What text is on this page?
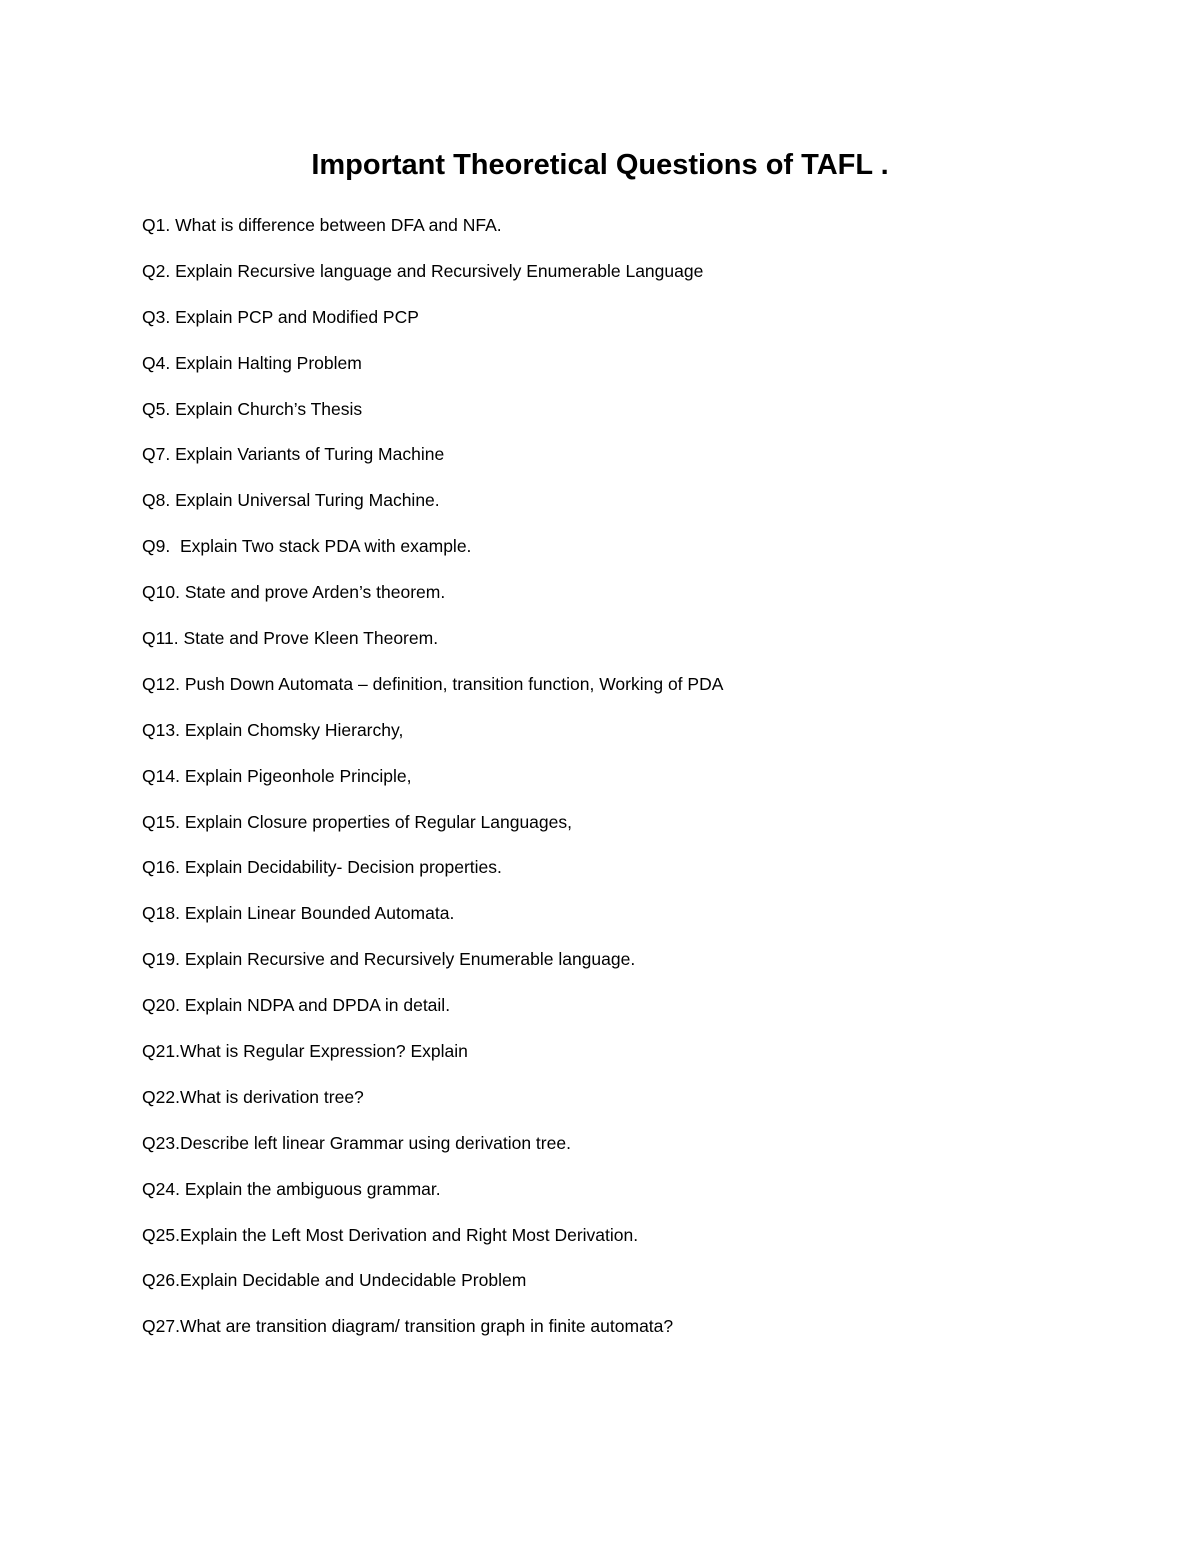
Important Theoretical Questions of TAFL .
Q1. What is difference between DFA and NFA.
Q2. Explain Recursive language and Recursively Enumerable Language
Q3. Explain PCP and Modified PCP
Q4. Explain Halting Problem
Q5. Explain Church’s Thesis
Q7. Explain Variants of Turing Machine
Q8. Explain Universal Turing Machine.
Q9.  Explain Two stack PDA with example.
Q10. State and prove Arden’s theorem.
Q11. State and Prove Kleen Theorem.
Q12. Push Down Automata – definition, transition function, Working of PDA
Q13. Explain Chomsky Hierarchy,
Q14. Explain Pigeonhole Principle,
Q15. Explain Closure properties of Regular Languages,
Q16. Explain Decidability- Decision properties.
Q18. Explain Linear Bounded Automata.
Q19. Explain Recursive and Recursively Enumerable language.
Q20. Explain NDPA and DPDA in detail.
Q21.What is Regular Expression? Explain
Q22.What is derivation tree?
Q23.Describe left linear Grammar using derivation tree.
Q24. Explain the ambiguous grammar.
Q25.Explain the Left Most Derivation and Right Most Derivation.
Q26.Explain Decidable and Undecidable Problem
Q27.What are transition diagram/ transition graph in finite automata?
